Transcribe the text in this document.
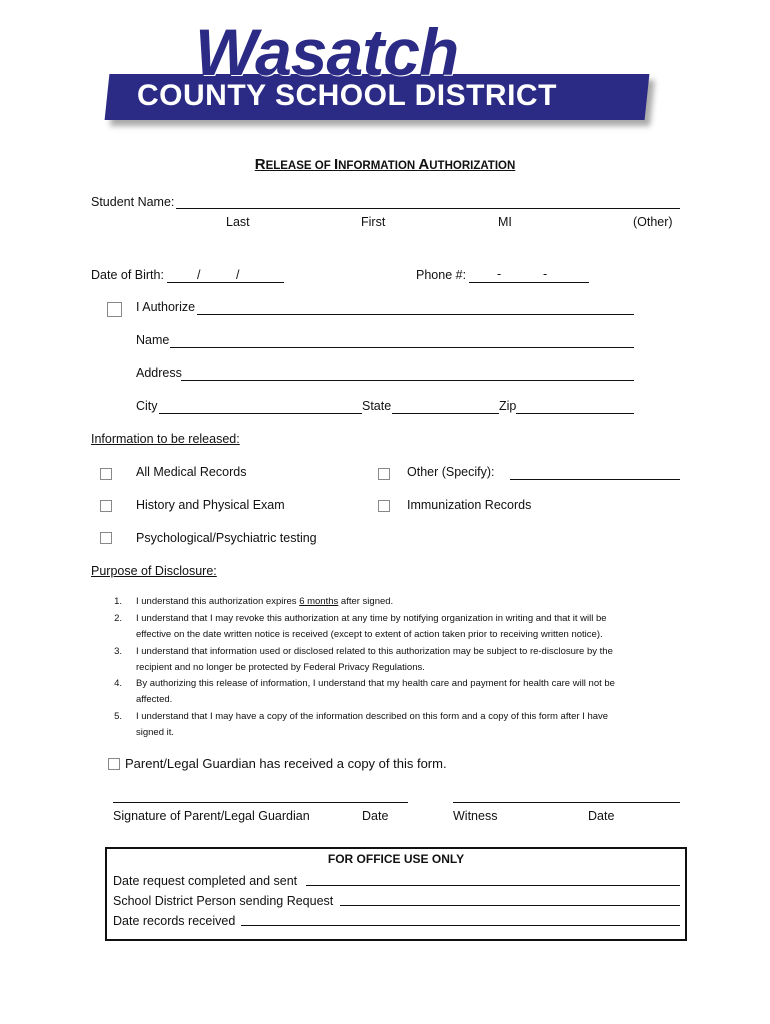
Wasatch
COUNTY SCHOOL DISTRICT
RELEASE OF INFORMATION AUTHORIZATION
Student Name:
Last	First	MI	(Other)
Date of Birth:	/	/	Phone #: -	-
I Authorize
Name
Address
City	State	Zip
Information to be released:
All Medical Records	Other (Specify):
History and Physical Exam	Immunization Records
Psychological/Psychiatric testing
Purpose of Disclosure:
1. I understand this authorization expires 6 months after signed.
2. I understand that I may revoke this authorization at any time by notifying organization in writing and that it will be
effective on the date written notice is received (except to extent of action taken prior to receiving written notice).
3. I understand that information used or disclosed related to this authorization may be subject to re-disclosure by the
recipient and no longer be protected by Federal Privacy Regulations.
4. By authorizing this release of information, I understand that my health care and payment for health care will not be
affected.
5. I understand that I may have a copy of the information described on this form and a copy of this form after I have
signed it.
Parent/Legal Guardian has received a copy of this form.
Signature of Parent/Legal Guardian	Date	Witness	Date
FOR OFFICE USE ONLY
Date request completed and sent
School District Person sending Request
Date records received
